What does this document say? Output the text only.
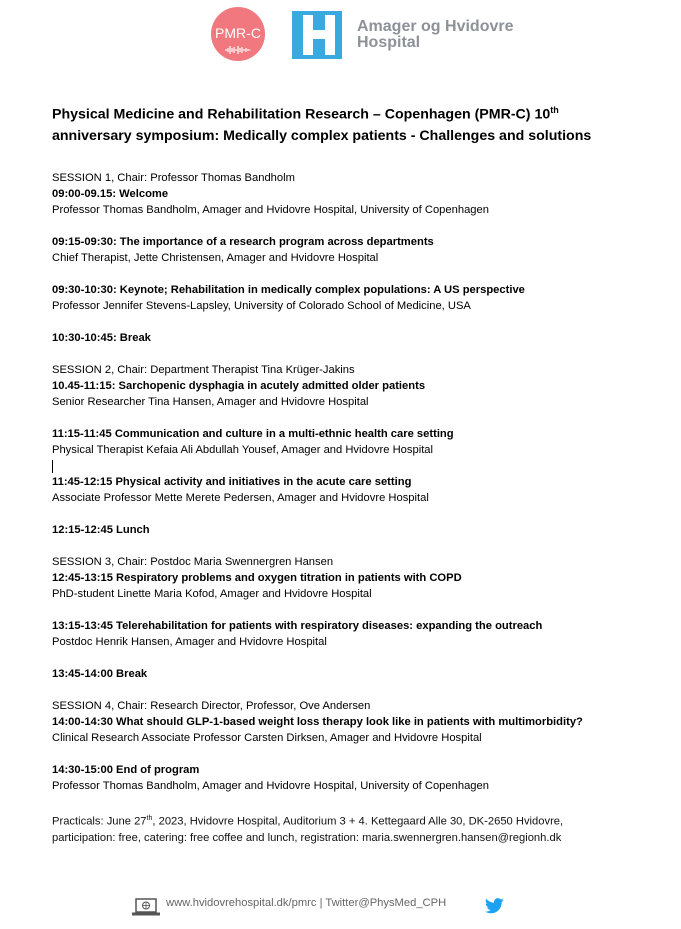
PMR-C	REGION	Amager og Hvidovre
Hospital
Physical Medicine and Rehabilitation Research – Copenhagen (PMR-C) 10th
anniversary symposium: Medically complex patients - Challenges and solutions
SESSION 1, Chair: Professor Thomas Bandholm
09:00-09.15: Welcome
Professor Thomas Bandholm, Amager and Hvidovre Hospital, University of Copenhagen
09:15-09:30: The importance of a research program across departments
Chief Therapist, Jette Christensen, Amager and Hvidovre Hospital
09:30-10:30: Keynote; Rehabilitation in medically complex populations: A US perspective
Professor Jennifer Stevens-Lapsley, University of Colorado School of Medicine, USA
10:30-10:45: Break
SESSION 2, Chair: Department Therapist Tina Krüger-Jakins
10.45-11:15: Sarchopenic dysphagia in acutely admitted older patients
Senior Researcher Tina Hansen, Amager and Hvidovre Hospital
11:15-11:45 Communication and culture in a multi-ethnic health care setting
Physical Therapist Kefaia Ali Abdullah Yousef, Amager and Hvidovre Hospital
11:45-12:15 Physical activity and initiatives in the acute care setting
Associate Professor Mette Merete Pedersen, Amager and Hvidovre Hospital
12:15-12:45 Lunch
SESSION 3, Chair: Postdoc Maria Swennergren Hansen
12:45-13:15 Respiratory problems and oxygen titration in patients with COPD
PhD-student Linette Maria Kofod, Amager and Hvidovre Hospital
13:15-13:45 Telerehabilitation for patients with respiratory diseases: expanding the outreach
Postdoc Henrik Hansen, Amager and Hvidovre Hospital
13:45-14:00 Break
SESSION 4, Chair: Research Director, Professor, Ove Andersen
14:00-14:30 What should GLP-1-based weight loss therapy look like in patients with multimorbidity?
Clinical Research Associate Professor Carsten Dirksen, Amager and Hvidovre Hospital
14:30-15:00 End of program
Professor Thomas Bandholm, Amager and Hvidovre Hospital, University of Copenhagen
Practicals: June 27th, 2023, Hvidovre Hospital, Auditorium 3 + 4. Kettegaard Alle 30, DK-2650 Hvidovre,
participation: free, catering: free coffee and lunch, registration: maria.swennergren.hansen@regionh.dk
www.hvidovrehospital.dk/pmrc | Twitter@PhysMed_CPH
